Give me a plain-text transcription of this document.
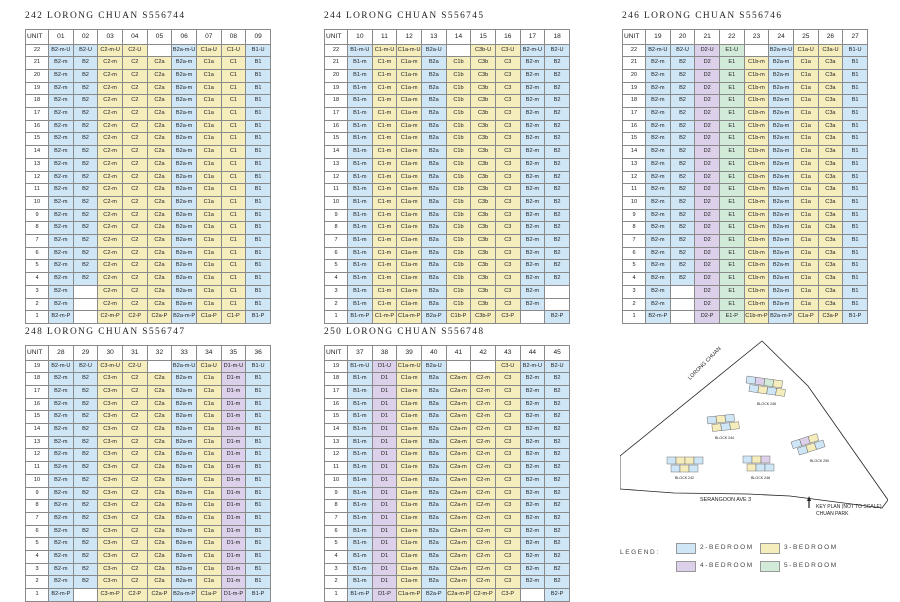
242 LORONG CHUAN S556744
UNIT	01	02	03	04	05	06	07	08	09
22	B2-m-U	B2-U	C2-m-U	C2-U		B2a-m-U	C1a-U	C1-U	B1-U
21	B2-m	B2	C2-m	C2	C2a	B2a-m	C1a	C1	B1
20	B2-m	B2	C2-m	C2	C2a	B2a-m	C1a	C1	B1
19	B2-m	B2	C2-m	C2	C2a	B2a-m	C1a	C1	B1
18	B2-m	B2	C2-m	C2	C2a	B2a-m	C1a	C1	B1
17	B2-m	B2	C2-m	C2	C2a	B2a-m	C1a	C1	B1
16	B2-m	B2	C2-m	C2	C2a	B2a-m	C1a	C1	B1
15	B2-m	B2	C2-m	C2	C2a	B2a-m	C1a	C1	B1
14	B2-m	B2	C2-m	C2	C2a	B2a-m	C1a	C1	B1
13	B2-m	B2	C2-m	C2	C2a	B2a-m	C1a	C1	B1
12	B2-m	B2	C2-m	C2	C2a	B2a-m	C1a	C1	B1
11	B2-m	B2	C2-m	C2	C2a	B2a-m	C1a	C1	B1
10	B2-m	B2	C2-m	C2	C2a	B2a-m	C1a	C1	B1
9	B2-m	B2	C2-m	C2	C2a	B2a-m	C1a	C1	B1
8	B2-m	B2	C2-m	C2	C2a	B2a-m	C1a	C1	B1
7	B2-m	B2	C2-m	C2	C2a	B2a-m	C1a	C1	B1
6	B2-m	B2	C2-m	C2	C2a	B2a-m	C1a	C1	B1
5	B2-m	B2	C2-m	C2	C2a	B2a-m	C1a	C1	B1
4	B2-m	B2	C2-m	C2	C2a	B2a-m	C1a	C1	B1
3	B2-m		C2-m	C2	C2a	B2a-m	C1a	C1	B1
2	B2-m		C2-m	C2	C2a	B2a-m	C1a	C1	B1
1	B2-m-P		C2-m-P	C2-P	C2a-P	B2a-m-P	C1a-P	C1-P	B1-P
244 LORONG CHUAN S556745
UNIT	10	11	12	13	14	15	16	17	18
22	B1-m-U	C1-m-U	C1a-m-U	B2a-U		C3b-U	C3-U	B2-m-U	B2-U
21	B1-m	C1-m	C1a-m	B2a	C1b	C3b	C3	B2-m	B2
20	B1-m	C1-m	C1a-m	B2a	C1b	C3b	C3	B2-m	B2
19	B1-m	C1-m	C1a-m	B2a	C1b	C3b	C3	B2-m	B2
18	B1-m	C1-m	C1a-m	B2a	C1b	C3b	C3	B2-m	B2
17	B1-m	C1-m	C1a-m	B2a	C1b	C3b	C3	B2-m	B2
16	B1-m	C1-m	C1a-m	B2a	C1b	C3b	C3	B2-m	B2
15	B1-m	C1-m	C1a-m	B2a	C1b	C3b	C3	B2-m	B2
14	B1-m	C1-m	C1a-m	B2a	C1b	C3b	C3	B2-m	B2
13	B1-m	C1-m	C1a-m	B2a	C1b	C3b	C3	B2-m	B2
12	B1-m	C1-m	C1a-m	B2a	C1b	C3b	C3	B2-m	B2
11	B1-m	C1-m	C1a-m	B2a	C1b	C3b	C3	B2-m	B2
10	B1-m	C1-m	C1a-m	B2a	C1b	C3b	C3	B2-m	B2
9	B1-m	C1-m	C1a-m	B2a	C1b	C3b	C3	B2-m	B2
8	B1-m	C1-m	C1a-m	B2a	C1b	C3b	C3	B2-m	B2
7	B1-m	C1-m	C1a-m	B2a	C1b	C3b	C3	B2-m	B2
6	B1-m	C1-m	C1a-m	B2a	C1b	C3b	C3	B2-m	B2
5	B1-m	C1-m	C1a-m	B2a	C1b	C3b	C3	B2-m	B2
4	B1-m	C1-m	C1a-m	B2a	C1b	C3b	C3	B2-m	B2
3	B1-m	C1-m	C1a-m	B2a	C1b	C3b	C3	B2-m	
2	B1-m	C1-m	C1a-m	B2a	C1b	C3b	C3	B2-m	
1	B1-m-P	C1-m-P	C1a-m-P	B2a-P	C1b-P	C3b-P	C3-P		B2-P
246 LORONG CHUAN S556746
UNIT	19	20	21	22	23	24	25	26	27
22	B2-m-U	B2-U	D2-U	E1-U		B2a-m-U	C1a-U	C3a-U	B1-U
21	B2-m	B2	D2	E1	C1b-m	B2a-m	C1a	C3a	B1
20	B2-m	B2	D2	E1	C1b-m	B2a-m	C1a	C3a	B1
19	B2-m	B2	D2	E1	C1b-m	B2a-m	C1a	C3a	B1
18	B2-m	B2	D2	E1	C1b-m	B2a-m	C1a	C3a	B1
17	B2-m	B2	D2	E1	C1b-m	B2a-m	C1a	C3a	B1
16	B2-m	B2	D2	E1	C1b-m	B2a-m	C1a	C3a	B1
15	B2-m	B2	D2	E1	C1b-m	B2a-m	C1a	C3a	B1
14	B2-m	B2	D2	E1	C1b-m	B2a-m	C1a	C3a	B1
13	B2-m	B2	D2	E1	C1b-m	B2a-m	C1a	C3a	B1
12	B2-m	B2	D2	E1	C1b-m	B2a-m	C1a	C3a	B1
11	B2-m	B2	D2	E1	C1b-m	B2a-m	C1a	C3a	B1
10	B2-m	B2	D2	E1	C1b-m	B2a-m	C1a	C3a	B1
9	B2-m	B2	D2	E1	C1b-m	B2a-m	C1a	C3a	B1
8	B2-m	B2	D2	E1	C1b-m	B2a-m	C1a	C3a	B1
7	B2-m	B2	D2	E1	C1b-m	B2a-m	C1a	C3a	B1
6	B2-m	B2	D2	E1	C1b-m	B2a-m	C1a	C3a	B1
5	B2-m	B2	D2	E1	C1b-m	B2a-m	C1a	C3a	B1
4	B2-m	B2	D2	E1	C1b-m	B2a-m	C1a	C3a	B1
3	B2-m		D2	E1	C1b-m	B2a-m	C1a	C3a	B1
2	B2-m		D2	E1	C1b-m	B2a-m	C1a	C3a	B1
1	B2-m-P		D2-P	E1-P	C1b-m-P	B2a-m-P	C1a-P	C3a-P	B1-P
248 LORONG CHUAN S556747
UNIT	28	29	30	31	32	33	34	35	36
19	B2-m-U	B2-U	C3-m-U	C2-U		B2a-m-U	C1a-U	D1-m-U	B1-U
18	B2-m	B2	C3-m	C2	C2a	B2a-m	C1a	D1-m	B1
17	B2-m	B2	C3-m	C2	C2a	B2a-m	C1a	D1-m	B1
16	B2-m	B2	C3-m	C2	C2a	B2a-m	C1a	D1-m	B1
15	B2-m	B2	C3-m	C2	C2a	B2a-m	C1a	D1-m	B1
14	B2-m	B2	C3-m	C2	C2a	B2a-m	C1a	D1-m	B1
13	B2-m	B2	C3-m	C2	C2a	B2a-m	C1a	D1-m	B1
12	B2-m	B2	C3-m	C2	C2a	B2a-m	C1a	D1-m	B1
11	B2-m	B2	C3-m	C2	C2a	B2a-m	C1a	D1-m	B1
10	B2-m	B2	C3-m	C2	C2a	B2a-m	C1a	D1-m	B1
9	B2-m	B2	C3-m	C2	C2a	B2a-m	C1a	D1-m	B1
8	B2-m	B2	C3-m	C2	C2a	B2a-m	C1a	D1-m	B1
7	B2-m	B2	C3-m	C2	C2a	B2a-m	C1a	D1-m	B1
6	B2-m	B2	C3-m	C2	C2a	B2a-m	C1a	D1-m	B1
5	B2-m	B2	C3-m	C2	C2a	B2a-m	C1a	D1-m	B1
4	B2-m	B2	C3-m	C2	C2a	B2a-m	C1a	D1-m	B1
3	B2-m	B2	C3-m	C2	C2a	B2a-m	C1a	D1-m	B1
2	B2-m	B2	C3-m	C2	C2a	B2a-m	C1a	D1-m	B1
1	B2-m-P		C3-m-P	C2-P	C2a-P	B2a-m-P	C1a-P	D1-m-P	B1-P
250 LORONG CHUAN S556748
UNIT	37	38	39	40	41	42	43	44	45
19	B1-m-U	D1-U	C1a-m-U	B2a-U			C3-U	B2-m-U	B2-U
18	B1-m	D1	C1a-m	B2a	C2a-m	C2-m	C3	B2-m	B2
17	B1-m	D1	C1a-m	B2a	C2a-m	C2-m	C3	B2-m	B2
16	B1-m	D1	C1a-m	B2a	C2a-m	C2-m	C3	B2-m	B2
15	B1-m	D1	C1a-m	B2a	C2a-m	C2-m	C3	B2-m	B2
14	B1-m	D1	C1a-m	B2a	C2a-m	C2-m	C3	B2-m	B2
13	B1-m	D1	C1a-m	B2a	C2a-m	C2-m	C3	B2-m	B2
12	B1-m	D1	C1a-m	B2a	C2a-m	C2-m	C3	B2-m	B2
11	B1-m	D1	C1a-m	B2a	C2a-m	C2-m	C3	B2-m	B2
10	B1-m	D1	C1a-m	B2a	C2a-m	C2-m	C3	B2-m	B2
9	B1-m	D1	C1a-m	B2a	C2a-m	C2-m	C3	B2-m	B2
8	B1-m	D1	C1a-m	B2a	C2a-m	C2-m	C3	B2-m	B2
7	B1-m	D1	C1a-m	B2a	C2a-m	C2-m	C3	B2-m	B2
6	B1-m	D1	C1a-m	B2a	C2a-m	C2-m	C3	B2-m	B2
5	B1-m	D1	C1a-m	B2a	C2a-m	C2-m	C3	B2-m	B2
4	B1-m	D1	C1a-m	B2a	C2a-m	C2-m	C3	B2-m	B2
3	B1-m	D1	C1a-m	B2a	C2a-m	C2-m	C3	B2-m	B2
2	B1-m	D1	C1a-m	B2a	C2a-m	C2-m	C3	B2-m	B2
1	B1-m-P	D1-P	C1a-m-P	B2a-P	C2a-m-P	C2-m-P	C3-P		B2-P
LORONG CHUAN
SERANGOON AVE 3
BLOCK 246
BLOCK 244
BLOCK 242
BLOCK 250
BLOCK 248
KEY PLAN (NOT TO SCALE)
CHUAN PARK
LEGEND:
2-BEDROOM	3-BEDROOM
4-BEDROOM	5-BEDROOM
